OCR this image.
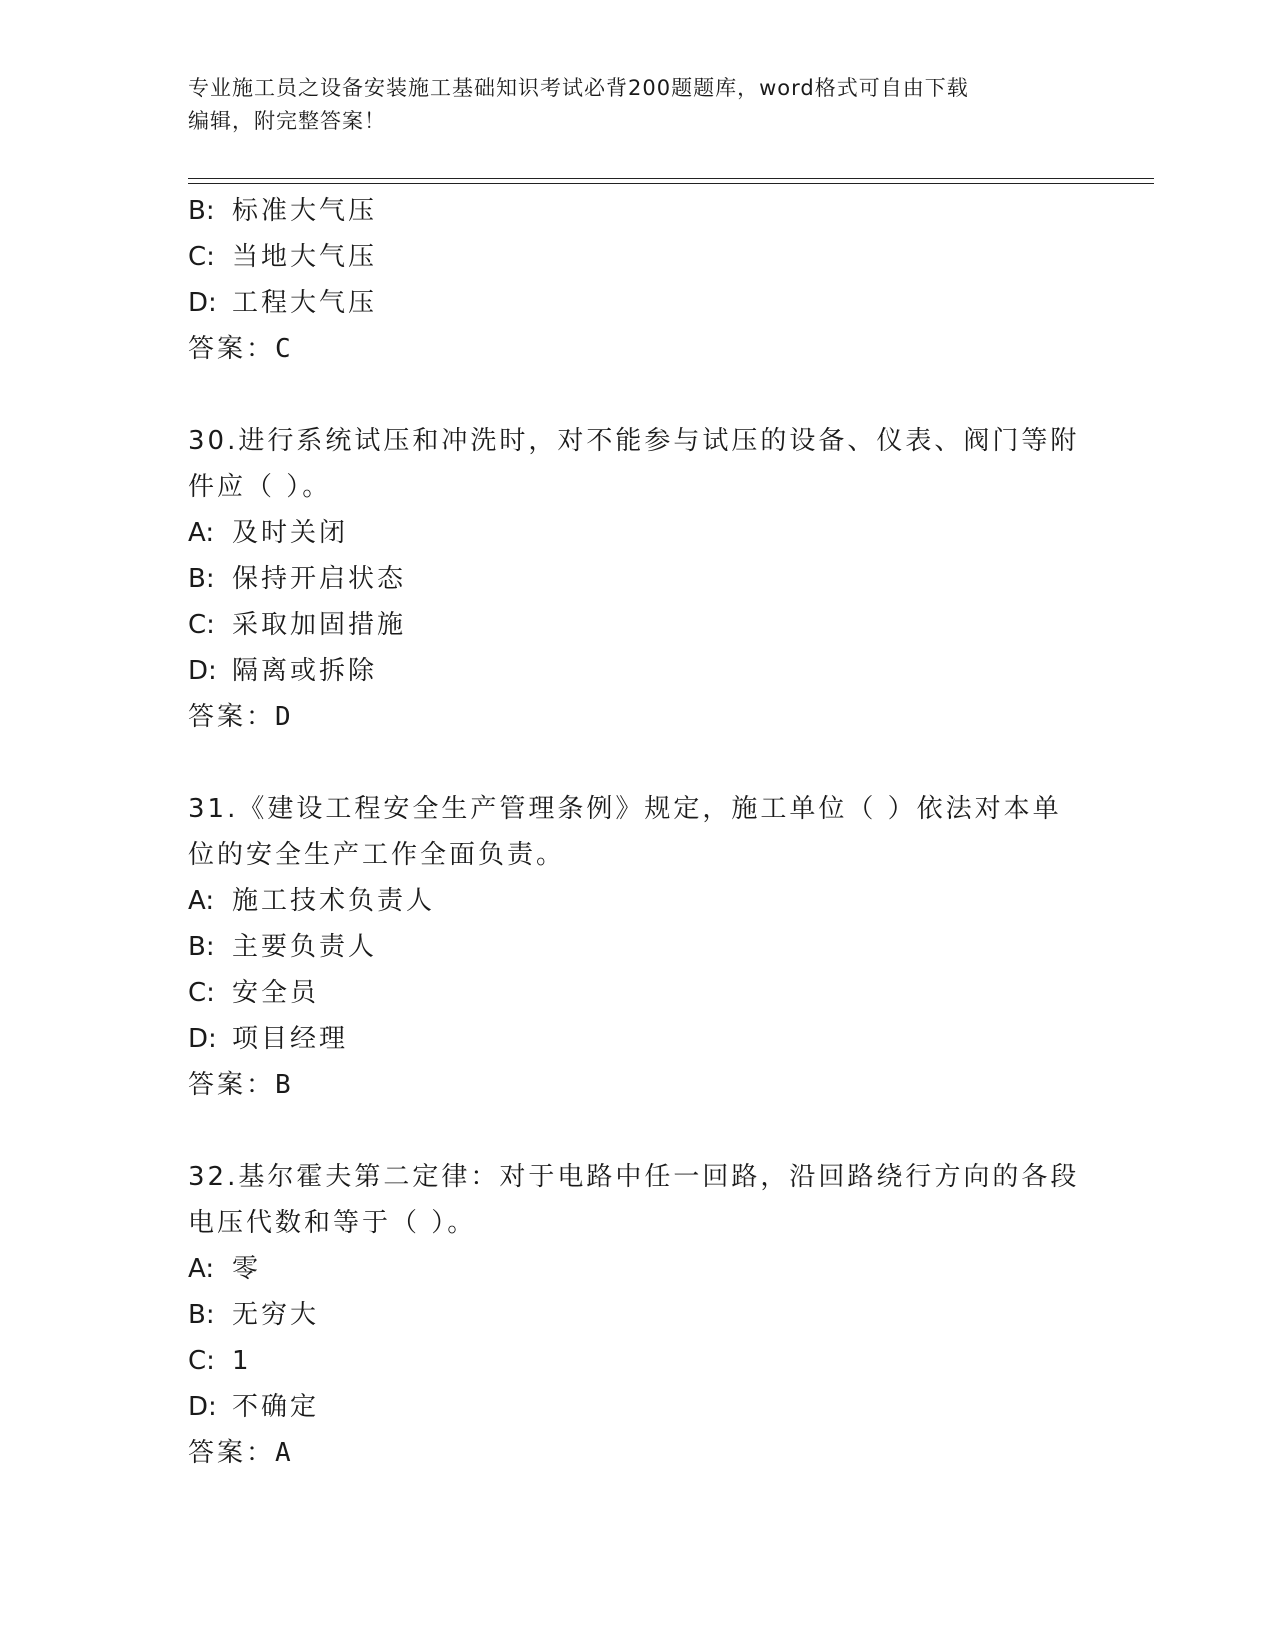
专业施工员之设备安装施工基础知识考试必背200题题库，word格式可自由下载
编辑，附完整答案！
B: 标准大气压
C: 当地大气压
D: 工程大气压
答案：C
30.进行系统试压和冲洗时，对不能参与试压的设备、仪表、阀门等附
件应（ ）。
A: 及时关闭
B: 保持开启状态
C: 采取加固措施
D: 隔离或拆除
答案：D
31.《建设工程安全生产管理条例》规定，施工单位（ ）依法对本单
位的安全生产工作全面负责。
A: 施工技术负责人
B: 主要负责人
C: 安全员
D: 项目经理
答案：B
32.基尔霍夫第二定律：对于电路中任一回路，沿回路绕行方向的各段
电压代数和等于（ ）。
A: 零
B: 无穷大
C: 1
D: 不确定
答案：A
